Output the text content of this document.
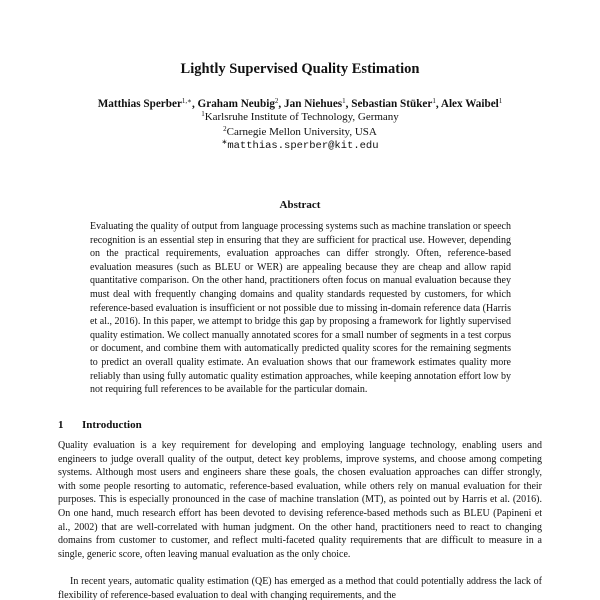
Lightly Supervised Quality Estimation
Matthias Sperber$^{1,∗}$, Graham Neubig$^2$, Jan Niehues$^1$, Sebastian Stüker$^1$, Alex Waibel$^1$
$^1$Karlsruhe Institute of Technology, Germany
$^2$Carnegie Mellon University, USA
∗matthias.sperber@kit.edu
Abstract

Evaluating the quality of output from language processing systems such as machine translation or speech recognition is an essential step in ensuring that they are sufficient for practical use. However, depending on the practical requirements, evaluation approaches can differ strongly. Often, reference-based evaluation measures (such as BLEU or WER) are appealing because they are cheap and allow rapid quantitative comparison. On the other hand, practitioners often focus on manual evaluation because they must deal with frequently changing domains and quality standards requested by customers, for which reference-based evaluation is insufficient or not possible due to missing in-domain reference data (Harris et al., 2016). In this paper, we attempt to bridge this gap by proposing a framework for lightly supervised quality estimation. We collect manually annotated scores for a small number of segments in a test corpus or document, and combine them with automatically predicted quality scores for the remaining segments to predict an overall quality estimate. An evaluation shows that our framework estimates quality more reliably than using fully automatic quality estimation approaches, while keeping annotation effort low by not requiring full references to be available for the particular domain.

1 Introduction

Quality evaluation is a key requirement for developing and employing language technology, enabling users and engineers to judge overall quality of the output, detect key problems, improve systems, and choose among competing systems. Although most users and engineers share these goals, the chosen evaluation approaches can differ strongly, with some people resorting to automatic, reference-based evaluation, while others rely on manual evaluation for their purposes. This is especially pronounced in the case of machine translation (MT), as pointed out by Harris et al. (2016). On one hand, much research effort has been devoted to devising reference-based methods such as BLEU (Papineni et al., 2002) that are well-correlated with human judgment. On the other hand, practitioners need to react to changing domains from customer to customer, and reflect multi-faceted quality requirements that are difficult to measure in a single, generic score, often leaving manual evaluation as the only choice.

In recent years, automatic quality estimation (QE) has emerged as a method that could potentially address the lack of flexibility of reference-based evaluation to deal with changing requirements, and the
